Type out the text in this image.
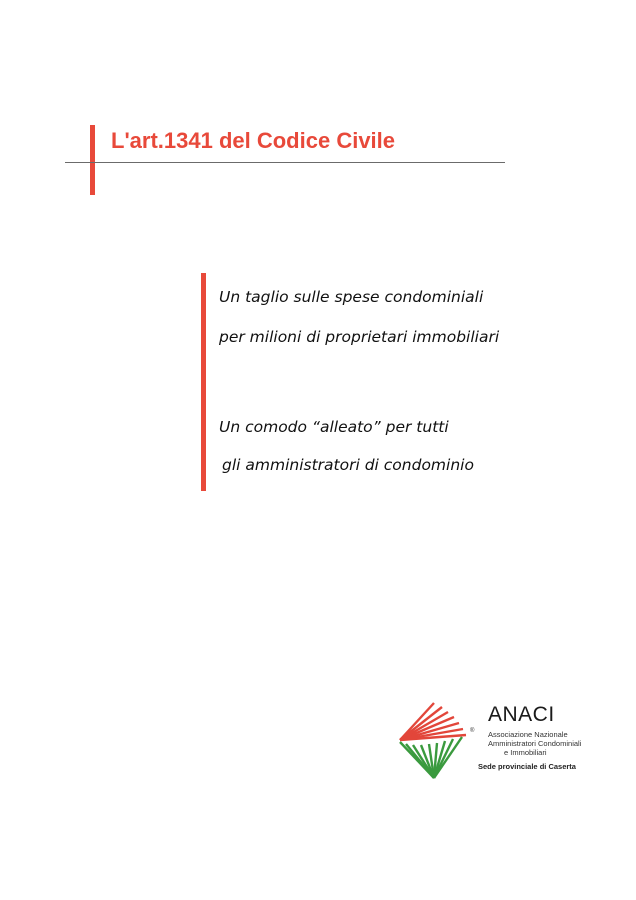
L'art.1341 del Codice Civile

Un taglio sulle spese condominiali

per milioni di proprietari immobiliari

Un comodo “alleato” per tutti

gli amministratori di condominio

®

ANACI

Associazione Nazionale
Amministratori Condominiali
e Immobiliari
Sede provinciale di Caserta
